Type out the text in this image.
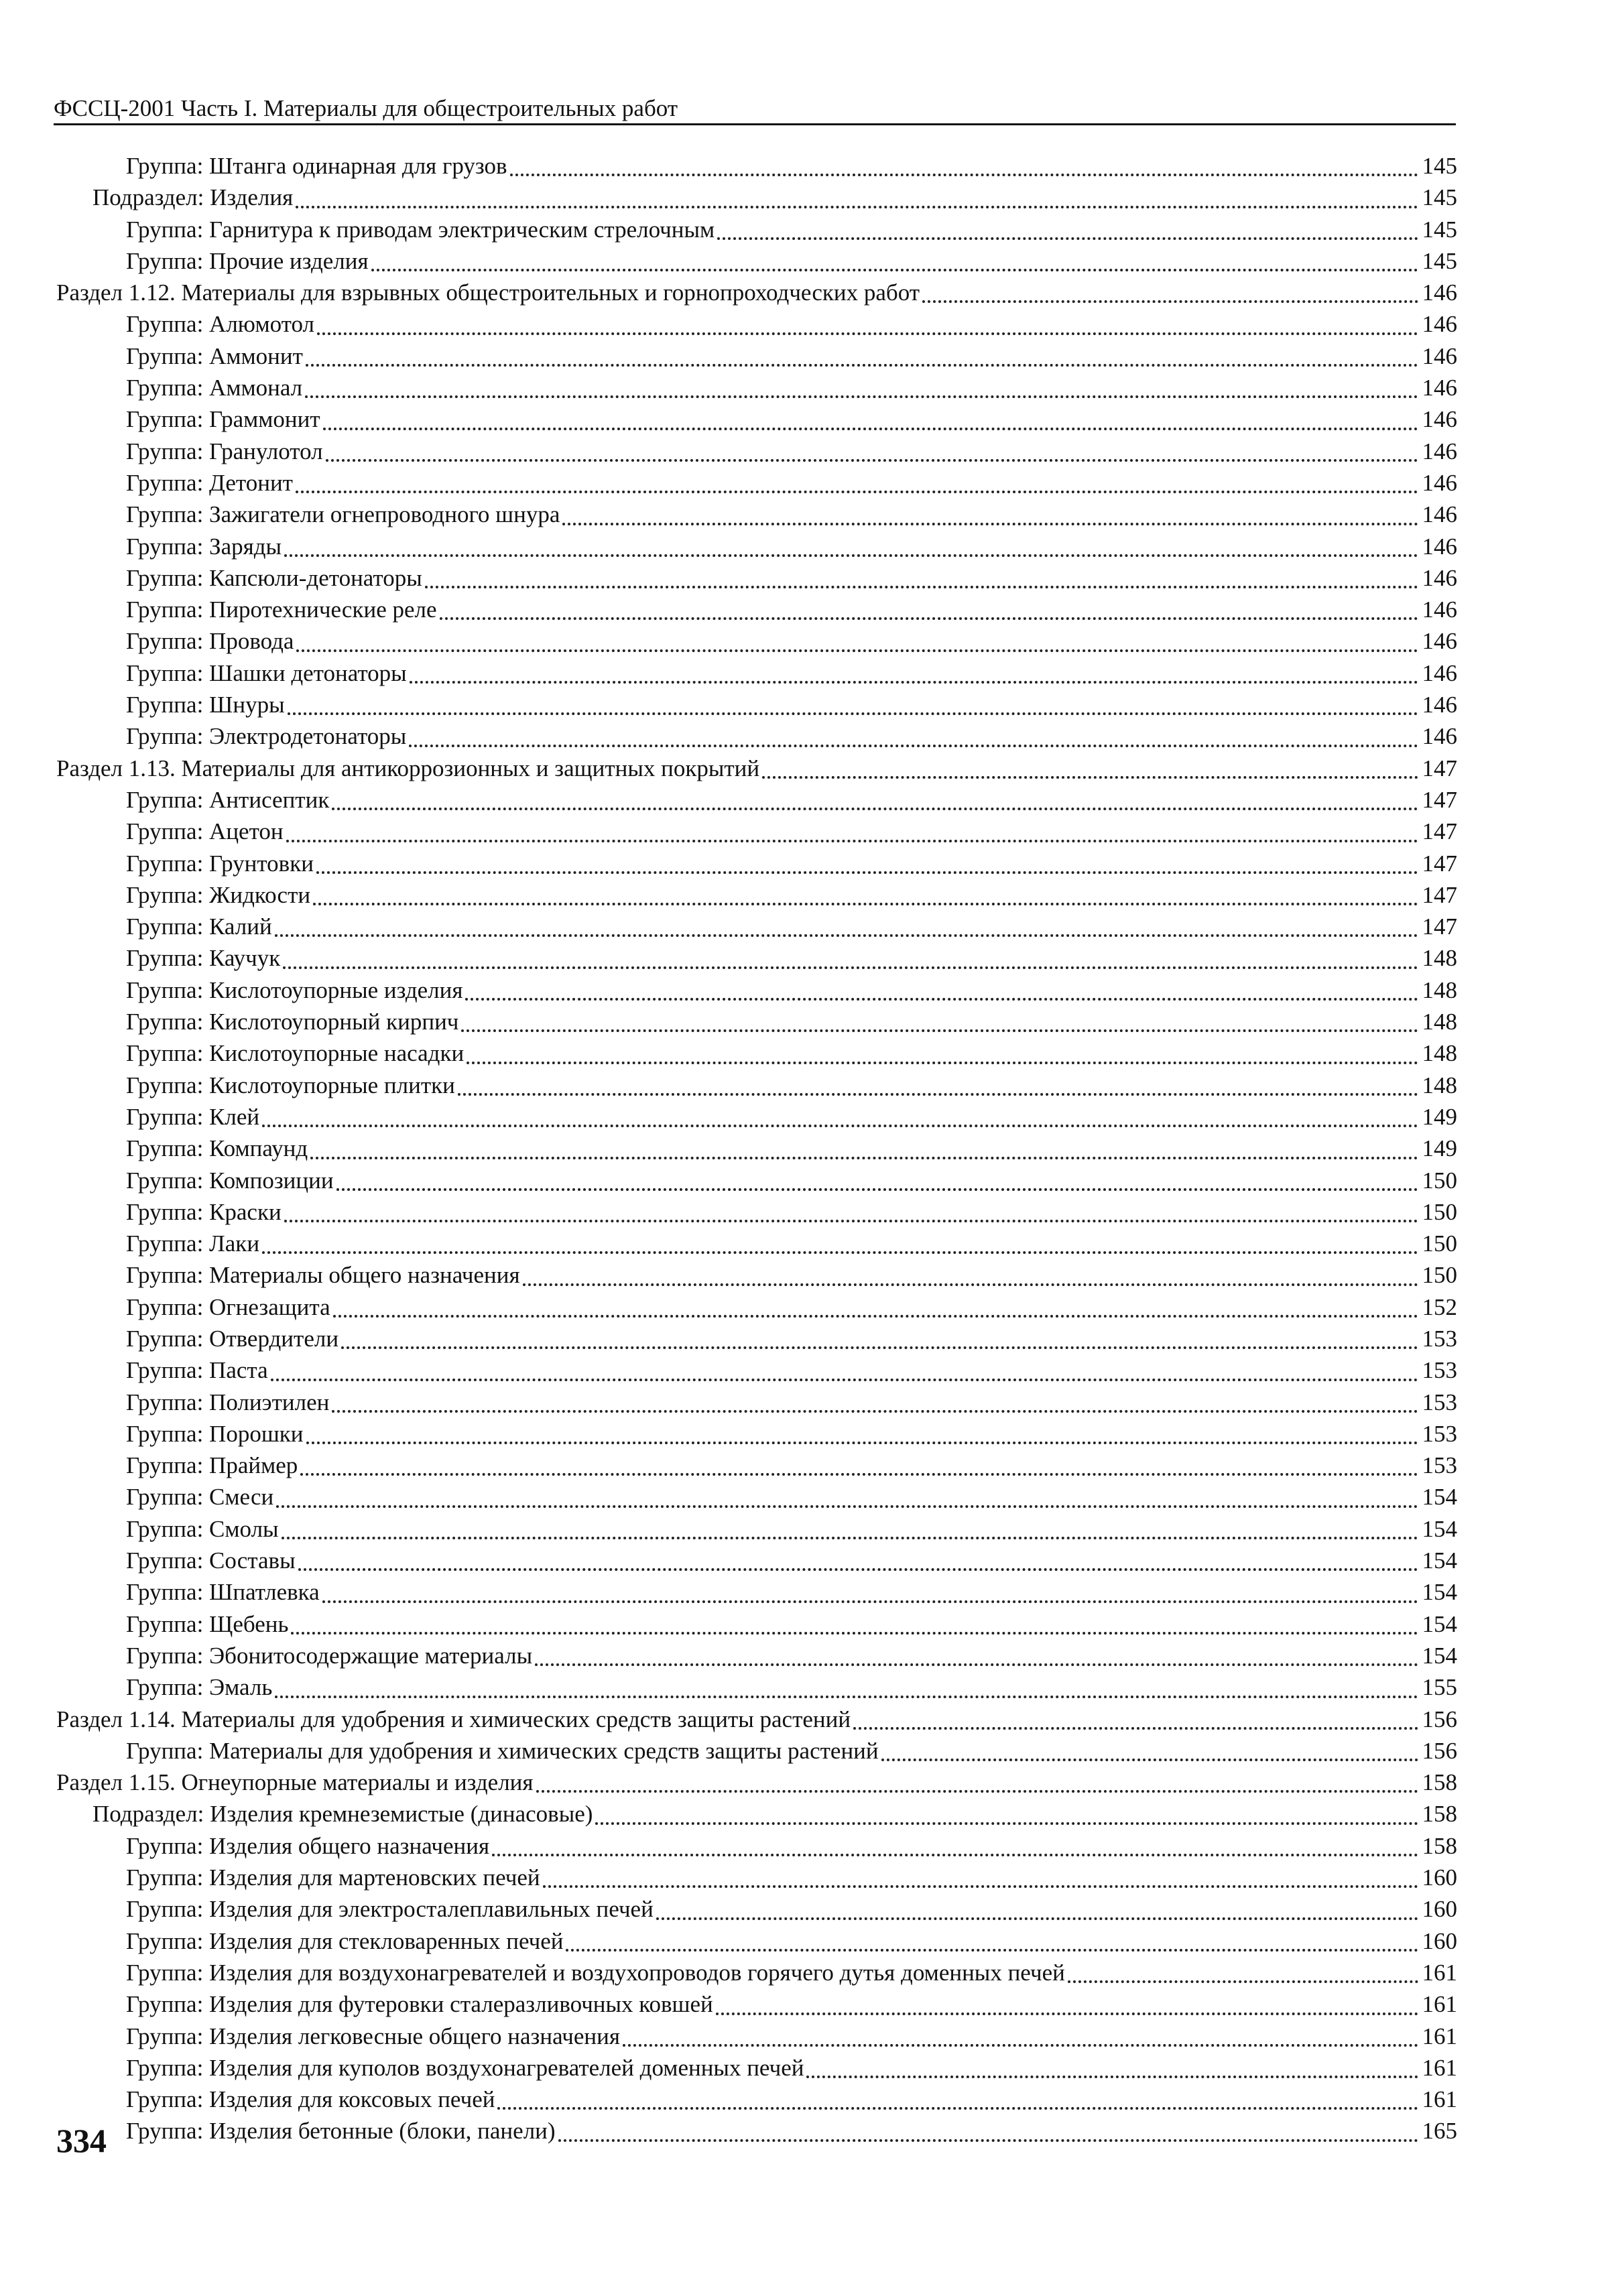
ФССЦ-2001 Часть I. Материалы для общестроительных работ
Группа: Штанга одинарная для грузов	145
Подраздел: Изделия	145
Группа: Гарнитура к приводам электрическим стрелочным	145
Группа: Прочие изделия	145
Раздел 1.12. Материалы для взрывных общестроительных и горнопроходческих работ	146
Группа: Алюмотол	146
Группа: Аммонит	146
Группа: Аммонал	146
Группа: Граммонит	146
Группа: Гранулотол	146
Группа: Детонит	146
Группа: Зажигатели огнепроводного шнура	146
Группа: Заряды	146
Группа: Капсюли-детонаторы	146
Группа: Пиротехнические реле	146
Группа: Провода	146
Группа: Шашки детонаторы	146
Группа: Шнуры	146
Группа: Электродетонаторы	146
Раздел 1.13. Материалы для антикоррозионных и защитных покрытий	147
Группа: Антисептик	147
Группа: Ацетон	147
Группа: Грунтовки	147
Группа: Жидкости	147
Группа: Калий	147
Группа: Каучук	148
Группа: Кислотоупорные изделия	148
Группа: Кислотоупорный кирпич	148
Группа: Кислотоупорные насадки	148
Группа: Кислотоупорные плитки	148
Группа: Клей	149
Группа: Компаунд	149
Группа: Композиции	150
Группа: Краски	150
Группа: Лаки	150
Группа: Материалы общего назначения	150
Группа: Огнезащита	152
Группа: Отвердители	153
Группа: Паста	153
Группа: Полиэтилен	153
Группа: Порошки	153
Группа: Праймер	153
Группа: Смеси	154
Группа: Смолы	154
Группа: Составы	154
Группа: Шпатлевка	154
Группа: Щебень	154
Группа: Эбонитосодержащие материалы	154
Группа: Эмаль	155
Раздел 1.14. Материалы для удобрения и химических средств защиты растений	156
Группа: Материалы для удобрения и химических средств защиты растений	156
Раздел 1.15. Огнеупорные материалы и изделия	158
Подраздел: Изделия кремнеземистые (динасовые)	158
Группа: Изделия общего назначения	158
Группа: Изделия для мартеновских печей	160
Группа: Изделия для электросталеплавильных печей	160
Группа: Изделия для стекловаренных печей	160
Группа: Изделия для воздухонагревателей и воздухопроводов горячего дутья доменных печей	161
Группа: Изделия для футеровки сталеразливочных ковшей	161
Группа: Изделия легковесные общего назначения	161
Группа: Изделия для куполов воздухонагревателей доменных печей	161
Группа: Изделия для коксовых печей	161
Группа: Изделия бетонные (блоки, панели)	165
334
